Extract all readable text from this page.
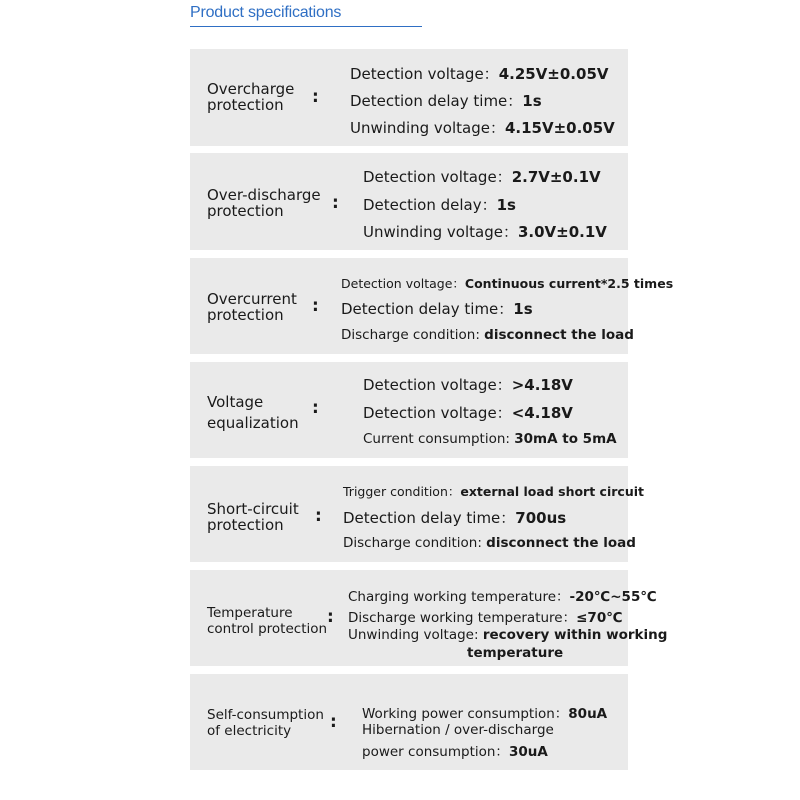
Product specifications
Overcharge
protection	:
Detection voltage：4.25V±0.05V
Detection delay time：1s
Unwinding voltage：4.15V±0.05V
Over-discharge
protection	:
Detection voltage：2.7V±0.1V
Detection delay：1s
Unwinding voltage：3.0V±0.1V
Overcurrent
protection	:
Detection voltage：Continuous current*2.5 times
Detection delay time：1s
Discharge condition: disconnect the load
Voltage
equalization
:
Detection voltage：>4.18V
Detection voltage：<4.18V
Current consumption: 30mA to 5mA
Short-circuit
protection	:
Trigger condition：external load short circuit
Detection delay time：700us
Discharge condition: disconnect the load
Temperature
control protection
:
Charging working temperature：-20℃~55℃
Discharge working temperature：≤70℃
Unwinding voltage: recovery within working
temperature
Self-consumption
of electricity	: Working power consumption：80uA
Hibernation / over-discharge
power consumption：30uA
